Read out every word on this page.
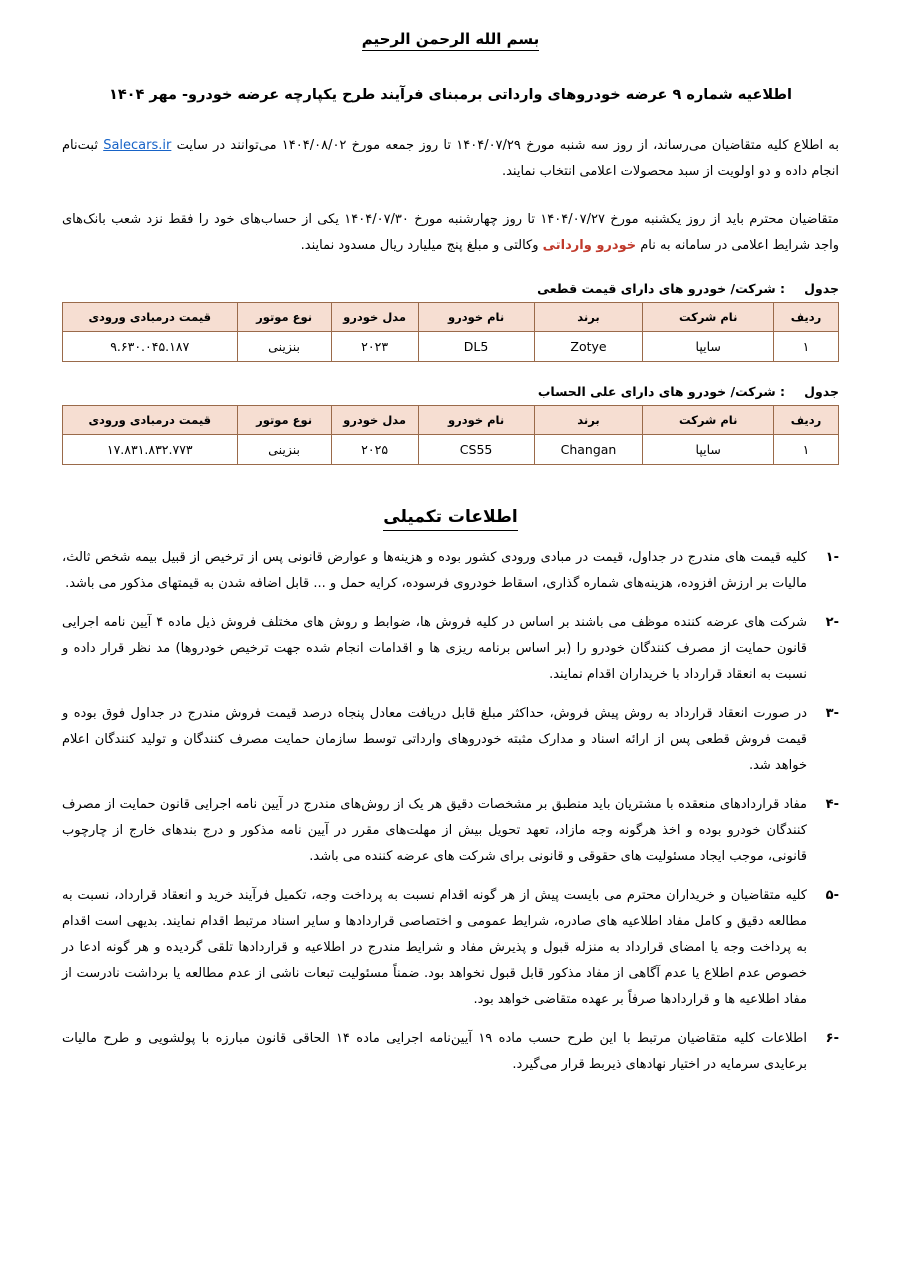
بسم الله الرحمن الرحیم
اطلاعیه شماره ۹ عرضه خودروهای وارداتی برمبنای فرآیند طرح یکپارچه عرضه خودرو- مهر ۱۴۰۴

به اطلاع کلیه متقاضیان می‌رساند، از روز سه شنبه مورخ ۱۴۰۴/۰۷/۲۹ تا روز جمعه مورخ ۱۴۰۴/۰۸/۰۲ می‌توانند در سایت Salecars.ir ثبت‌نام انجام داده و دو اولویت از سبد محصولات اعلامی انتخاب نمایند.

متقاضیان محترم باید از روز یکشنبه مورخ ۱۴۰۴/۰۷/۲۷ تا روز چهارشنبه مورخ ۱۴۰۴/۰۷/۳۰ یکی از حساب‌های خود را فقط نزد شعب بانک‌های واجد شرایط اعلامی در سامانه به نام خودرو وارداتی وکالتی و مبلغ پنج میلیارد ریال مسدود نمایند.

جدول
: شرکت/ خودرو های دارای قیمت قطعی
ردیف	نام شرکت	برند	نام خودرو	مدل خودرو	نوع موتور	قیمت درمبادی ورودی
۱	سایپا	Zotye	DL5	۲۰۲۳	بنزینی	۹.۶۳۰.۰۴۵.۱۸۷
جدول
: شرکت/ خودرو های دارای علی الحساب
ردیف	نام شرکت	برند	نام خودرو	مدل خودرو	نوع موتور	قیمت درمبادی ورودی
۱	سایپا	Changan	CS55	۲۰۲۵	بنزینی	۱۷.۸۳۱.۸۳۲.۷۷۳
اطلاعات تکمیلی
-۱
کلیه قیمت های مندرج در جداول، قیمت در مبادی ورودی کشور بوده و هزینه‌ها و عوارض قانونی پس از ترخیص از قبیل بیمه شخص ثالث، مالیات بر ارزش افزوده، هزینه‌های شماره گذاری، اسقاط خودروی فرسوده، کرایه حمل و ... قابل اضافه شدن به قیمتهای مذکور می باشد.
-۲
شرکت های عرضه کننده موظف می باشند بر اساس در کلیه فروش ها، ضوابط و روش های مختلف فروش ذیل ماده ۴ آیین نامه اجرایی قانون حمایت از مصرف کنندگان خودرو را (بر اساس برنامه ریزی ها و اقدامات انجام شده جهت ترخیص خودروها) مد نظر قرار داده و نسبت به انعقاد قرارداد با خریداران اقدام نمایند.
-۳
در صورت انعقاد قرارداد به روش پیش فروش، حداکثر مبلغ قابل دریافت معادل پنجاه درصد قیمت فروش مندرج در جداول فوق بوده و قیمت فروش قطعی پس از ارائه اسناد و مدارک مثبته خودروهای وارداتی توسط سازمان حمایت مصرف کنندگان و تولید کنندگان اعلام خواهد شد.
-۴
مفاد قراردادهای منعقده با مشتریان باید منطبق بر مشخصات دقیق هر یک از روش‌های مندرج در آیین نامه اجرایی قانون حمایت از مصرف کنندگان خودرو بوده و اخذ هرگونه وجه مازاد، تعهد تحویل بیش از مهلت‌های مقرر در آیین نامه مذکور و درج بندهای خارج از چارچوب قانونی، موجب ایجاد مسئولیت های حقوقی و قانونی برای شرکت های عرضه کننده می باشد.
-۵
کلیه متقاضیان و خریداران محترم می بایست پیش از هر گونه اقدام نسبت به پرداخت وجه، تکمیل فرآیند خرید و انعقاد قرارداد، نسبت به مطالعه دقیق و کامل مفاد اطلاعیه های صادره، شرایط عمومی و اختصاصی قراردادها و سایر اسناد مرتبط اقدام نمایند. بدیهی است اقدام به پرداخت وجه یا امضای قرارداد به منزله قبول و پذیرش مفاد و شرایط مندرج در اطلاعیه و قراردادها تلقی گردیده و هر گونه ادعا در خصوص عدم اطلاع یا عدم آگاهی از مفاد مذکور قابل قبول نخواهد بود. ضمناً مسئولیت تبعات ناشی از عدم مطالعه یا برداشت نادرست از مفاد اطلاعیه ها و قراردادها صرفاً بر عهده متقاضی خواهد بود.
-۶
اطلاعات کلیه متقاضیان مرتبط با این طرح حسب ماده ۱۹ آیین‌نامه اجرایی ماده ۱۴ الحاقی قانون مبارزه با پولشویی و طرح مالیات برعایدی سرمایه در اختیار نهادهای ذیربط قرار می‌گیرد.
